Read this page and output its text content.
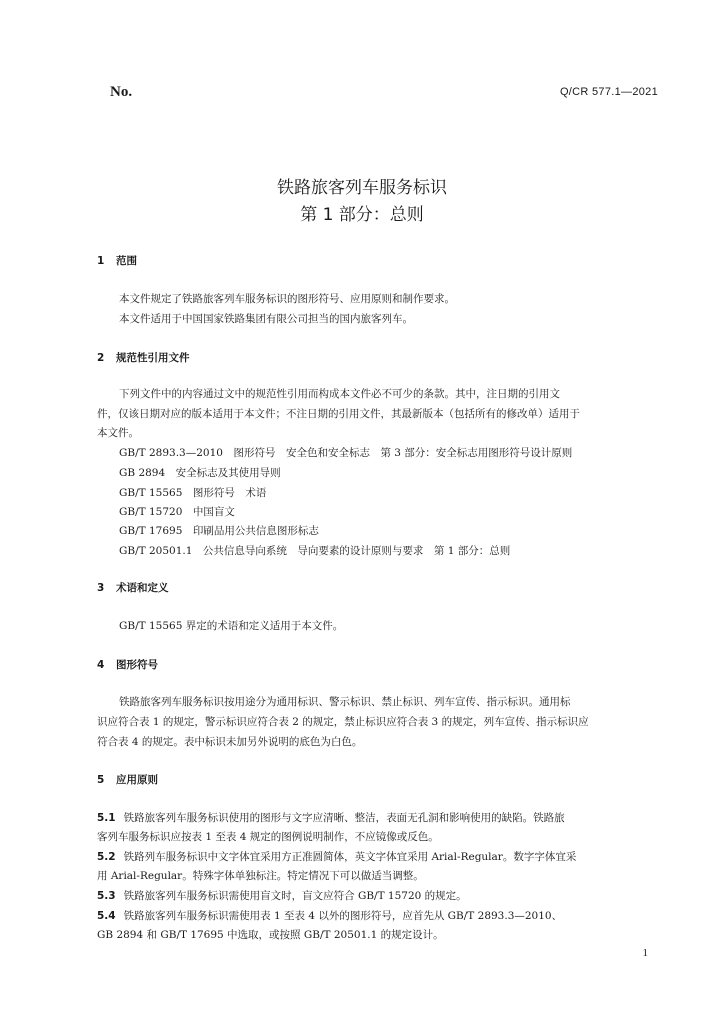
No.	Q/CR 577.1—2021
铁路旅客列车服务标识
第 1 部分：总则
1 范围
本文件规定了铁路旅客列车服务标识的图形符号、应用原则和制作要求。
本文件适用于中国国家铁路集团有限公司担当的国内旅客列车。
2 规范性引用文件
下列文件中的内容通过文中的规范性引用而构成本文件必不可少的条款。其中，注日期的引用文
件，仅该日期对应的版本适用于本文件；不注日期的引用文件，其最新版本（包括所有的修改单）适用于
本文件。
GB/T 2893.3—2010　图形符号　安全色和安全标志　第 3 部分：安全标志用图形符号设计原则
GB 2894　安全标志及其使用导则
GB/T 15565　图形符号　术语
GB/T 15720　中国盲文
GB/T 17695　印刷品用公共信息图形标志
GB/T 20501.1　公共信息导向系统　导向要素的设计原则与要求　第 1 部分：总则
3 术语和定义
GB/T 15565 界定的术语和定义适用于本文件。
4 图形符号
铁路旅客列车服务标识按用途分为通用标识、警示标识、禁止标识、列车宣传、指示标识。通用标
识应符合表 1 的规定，警示标识应符合表 2 的规定，禁止标识应符合表 3 的规定，列车宣传、指示标识应
符合表 4 的规定。表中标识未加另外说明的底色为白色。
5 应用原则
5.1 铁路旅客列车服务标识使用的图形与文字应清晰、整洁，表面无孔洞和影响使用的缺陷。铁路旅
客列车服务标识应按表 1 至表 4 规定的图例说明制作，不应镜像或反色。
5.2 铁路列车服务标识中文字体宜采用方正准圆简体，英文字体宜采用 Arial-Regular。数字字体宜采
用 Arial-Regular。特殊字体单独标注。特定情况下可以做适当调整。
5.3 铁路旅客列车服务标识需使用盲文时，盲文应符合 GB/T 15720 的规定。
5.4 铁路旅客列车服务标识需使用表 1 至表 4 以外的图形符号，应首先从 GB/T 2893.3—2010、
GB 2894 和 GB/T 17695 中选取，或按照 GB/T 20501.1 的规定设计。
1
